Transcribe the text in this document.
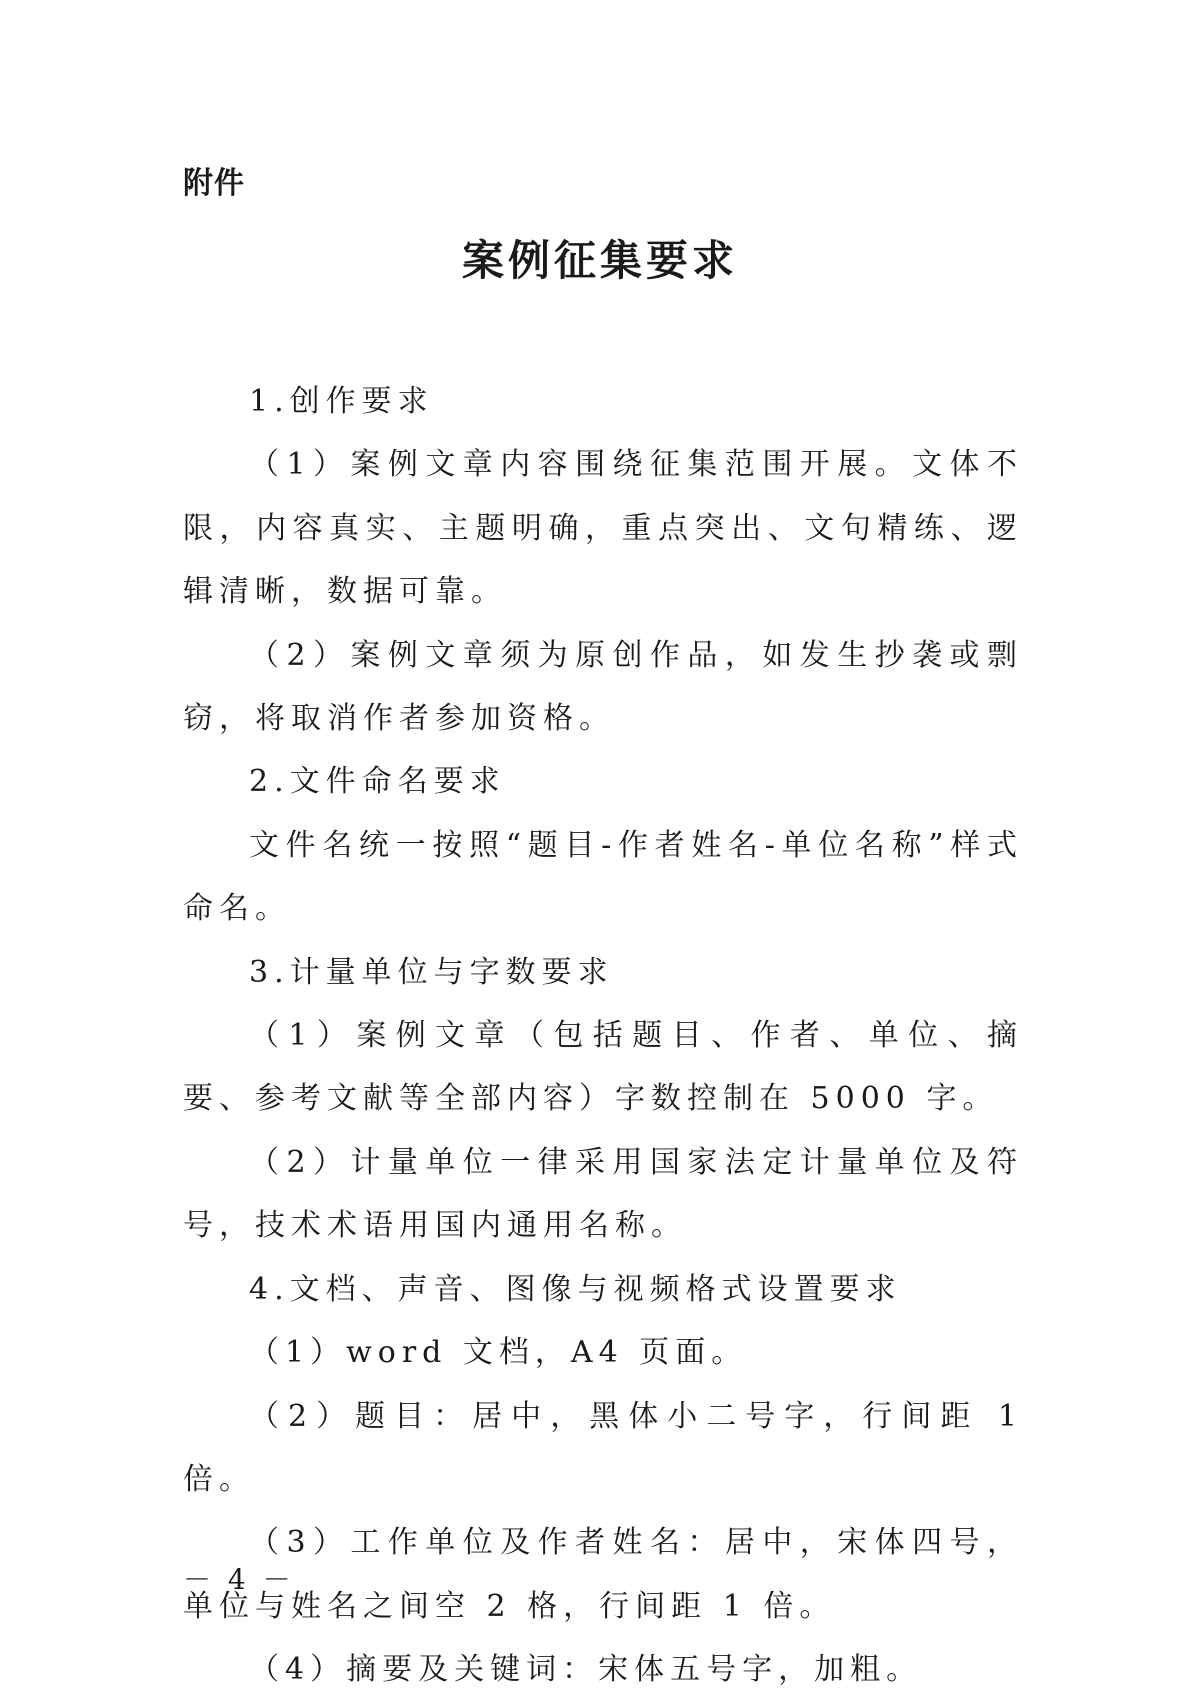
附件
案例征集要求

1.创作要求

（1）案例文章内容围绕征集范围开展。文体不限，内容真实、主题明确，重点突出、文句精练、逻辑清晰，数据可靠。

（2）案例文章须为原创作品，如发生抄袭或剽窃，将取消作者参加资格。

2.文件命名要求

文件名统一按照“题目-作者姓名-单位名称”样式命名。

3.计量单位与字数要求

（1）案例文章（包括题目、作者、单位、摘要、参考文献等全部内容）字数控制在 5000 字。

（2）计量单位一律采用国家法定计量单位及符号，技术术语用国内通用名称。

4.文档、声音、图像与视频格式设置要求

（1）word 文档，A4 页面。

（2）题目：居中，黑体小二号字，行间距 1 倍。

（3）工作单位及作者姓名：居中，宋体四号，单位与姓名之间空 2 格，行间距 1 倍。

（4）摘要及关键词：宋体五号字，加粗。

－ 4 －
